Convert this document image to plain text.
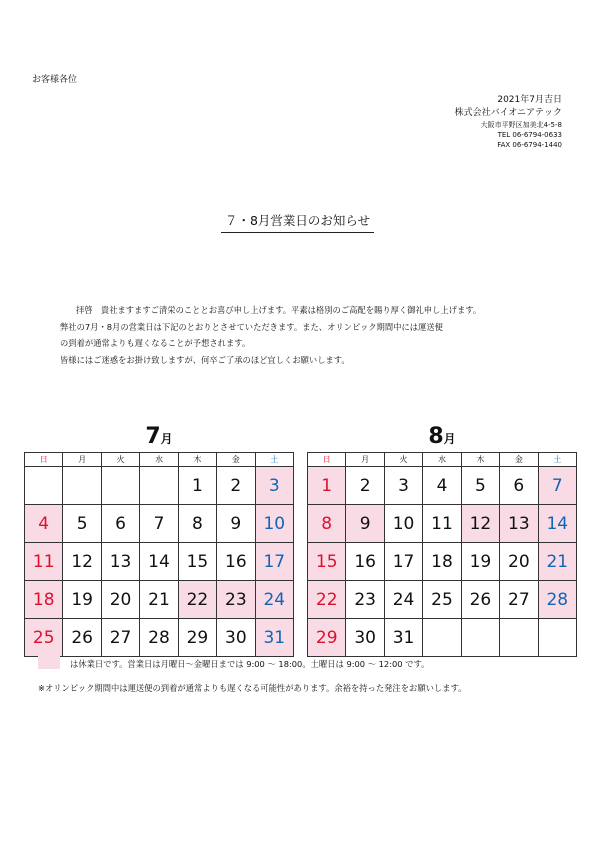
お客様各位
2021年7月吉日
株式会社バイオニアテック
大阪市平野区加美北4-5-8
TEL 06-6794-0633
FAX 06-6794-1440
７・8月営業日のお知らせ
拝啓　貴社ますますご清栄のこととお喜び申し上げます。平素は格別のご高配を賜り厚く御礼申し上げます。
弊社の7月・8月の営業日は下記のとおりとさせていただきます。また、オリンピック期間中には運送便
の到着が通常よりも遅くなることが予想されます。
皆様にはご迷惑をお掛け致しますが、何卒ご了承のほど宜しくお願いします。
7月
日	月	火	水	木	金	土
				1	2	3
4	5	6	7	8	9	10
11	12	13	14	15	16	17
18	19	20	21	22	23	24
25	26	27	28	29	30	31
8月
日	月	火	水	木	金	土
1	2	3	4	5	6	7
8	9	10	11	12	13	14
15	16	17	18	19	20	21
22	23	24	25	26	27	28
29	30	31				
は休業日です。営業日は月曜日～金曜日までは 9:00 ～ 18:00。土曜日は 9:00 ～ 12:00 です。
※オリンピック期間中は運送便の到着が通常よりも遅くなる可能性があります。余裕を持った発注をお願いします。
